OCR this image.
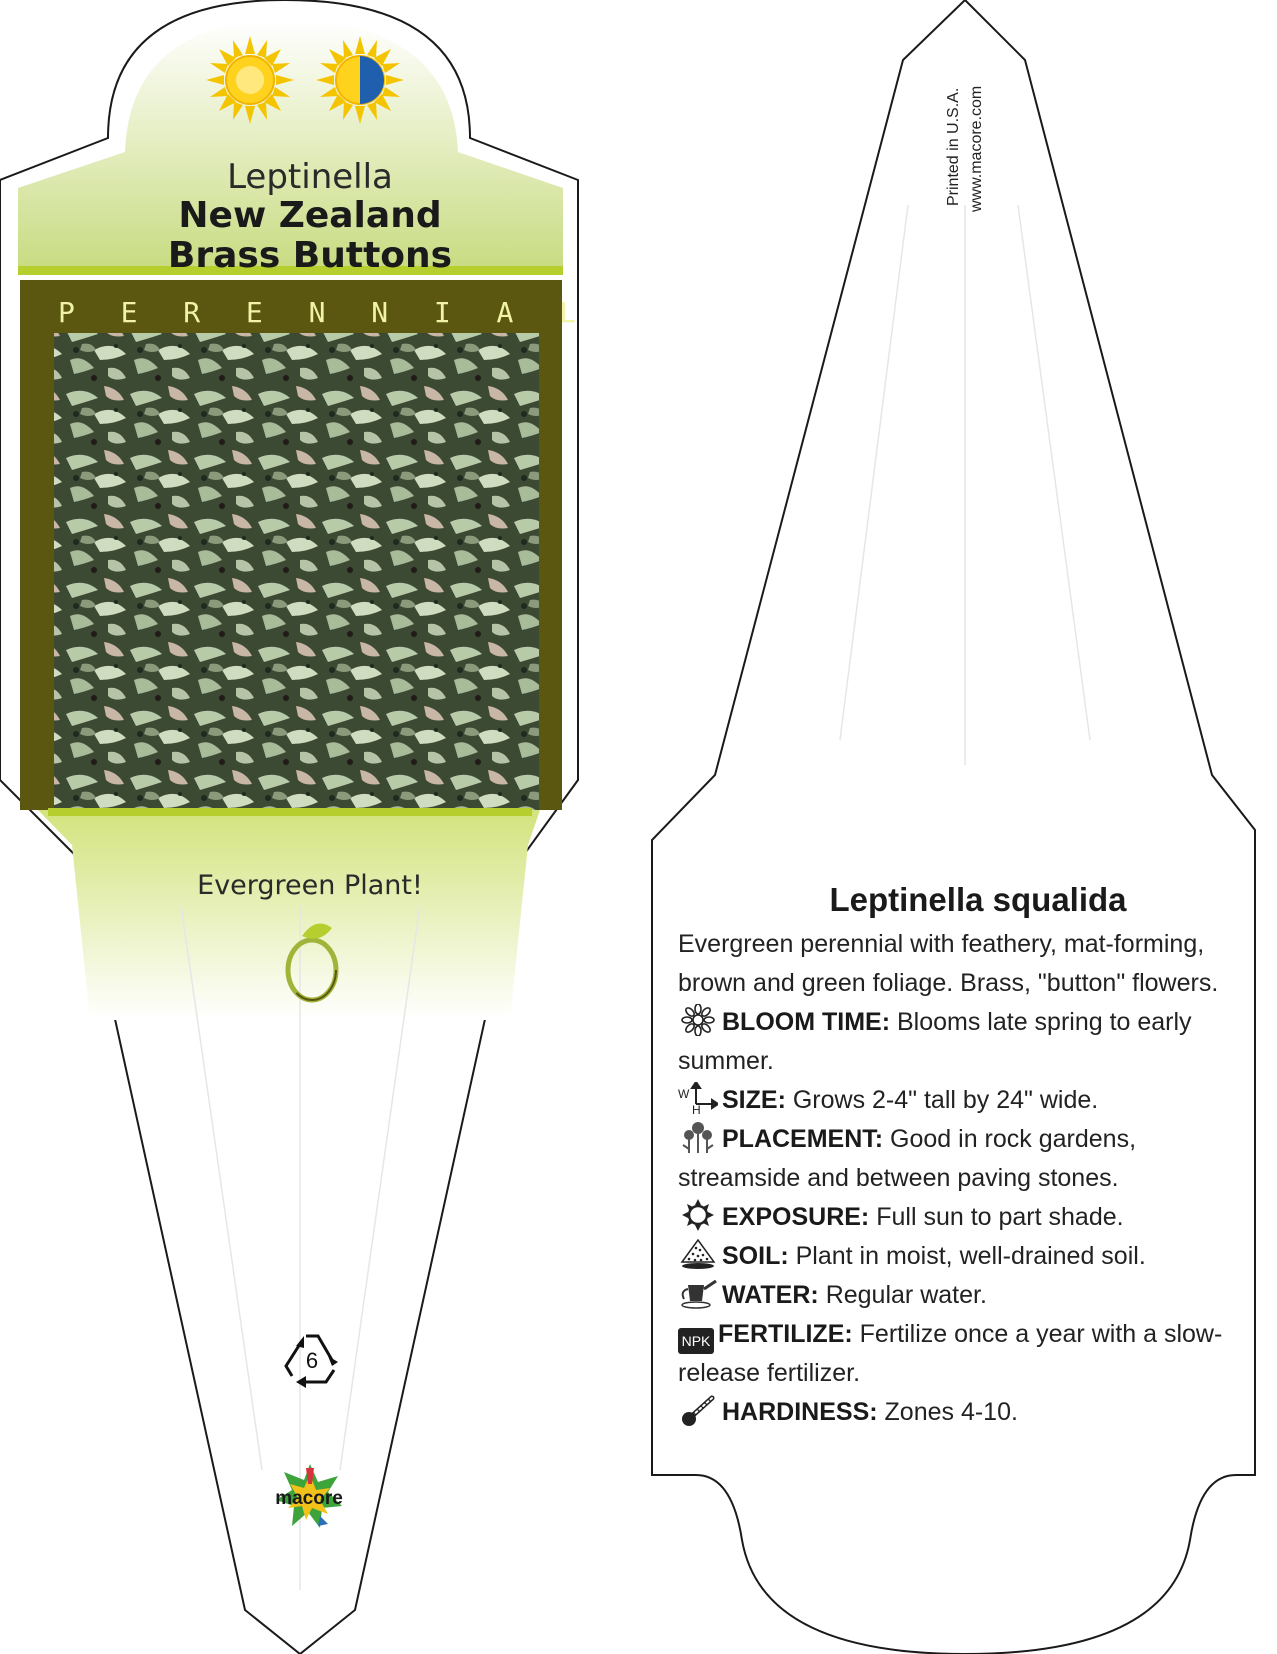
Leptinella
New Zealand
Brass Buttons
P E R E N N I A L
Evergreen Plant!
6
macore
Printed in U.S.A. www.macore.com
Leptinella squalida

Evergreen perennial with feathery, mat-forming, brown and green foliage. Brass, "button" flowers.

BLOOM TIME: Blooms late spring to early summer.

W
H SIZE: Grows 2-4" tall by 24" wide.

PLACEMENT: Good in rock gardens, streamside and between paving stones.

EXPOSURE: Full sun to part shade.

SOIL: Plant in moist, well-drained soil.

WATER: Regular water.

NPK FERTILIZE: Fertilize once a year with a slow-release fertilizer.

HARDINESS: Zones 4-10.
